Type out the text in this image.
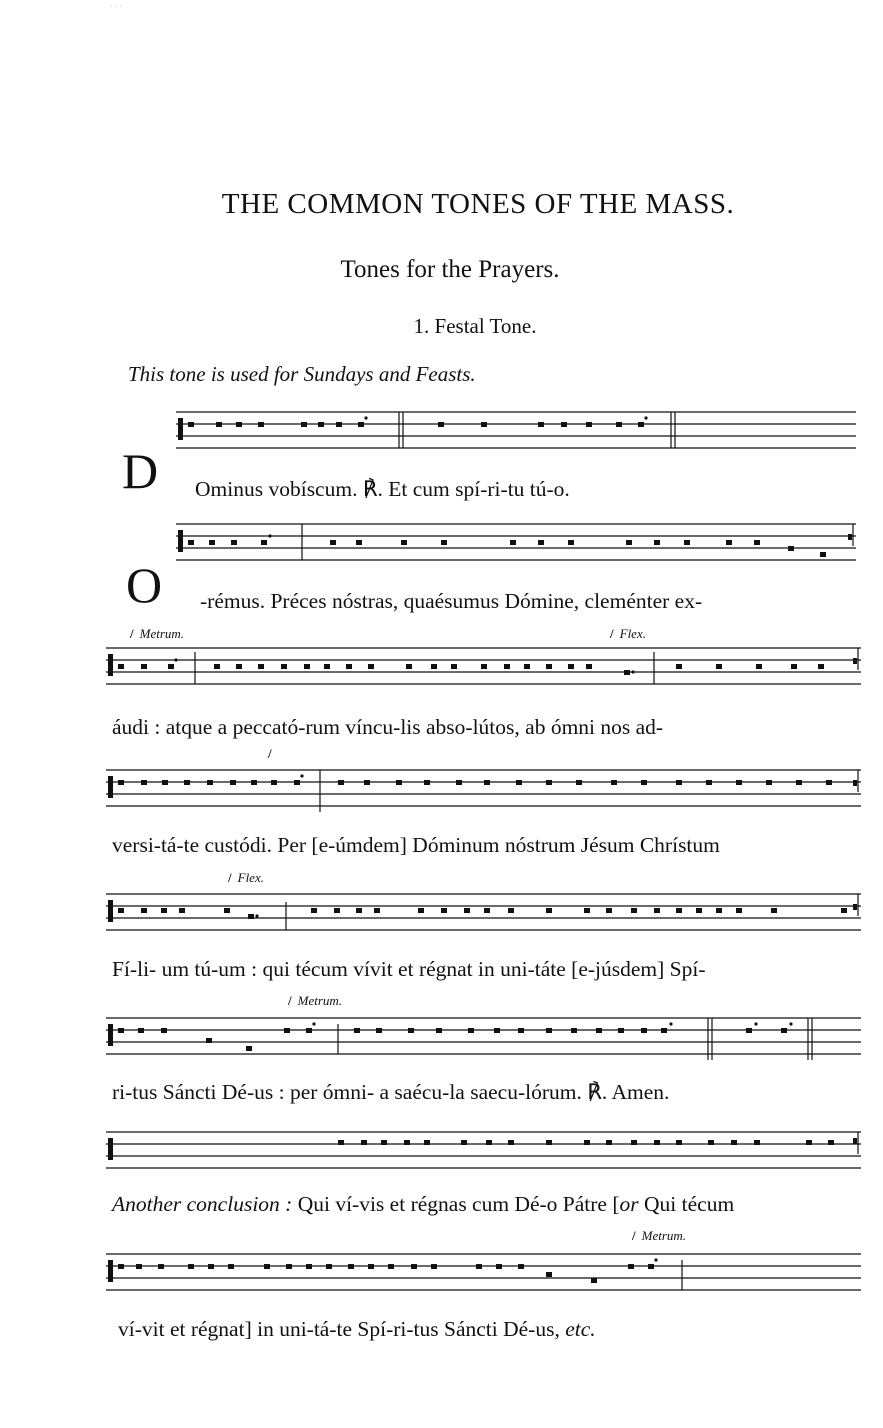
· · ·
THE COMMON TONES OF THE MASS.
Tones for the Prayers.
1. Festal Tone.
This tone is used for Sundays and Feasts.
D Ominus vobíscum. ℟. Et cum spí-ri-tu tú-o.
O -rémus. Préces nóstras, quaésumus Dómine, cleménter ex-
/ Metrum.	/ Flex.
áudi : atque a peccató-rum víncu-lis abso-lútos, ab ómni nos ad-
/
versi-tá-te custódi. Per [e-úmdem] Dóminum nóstrum Jésum Chrístum
/ Flex.
Fí-li- um tú-um : qui técum vívit et régnat in uni-táte [e-júsdem] Spí-
/ Metrum.
ri-tus Sáncti Dé-us : per ómni- a saécu-la saecu-lórum. ℟. Amen.
Another conclusion : Qui ví-vis et régnas cum Dé-o Pátre [or Qui técum
/ Metrum.
ví-vit et régnat] in uni-tá-te Spí-ri-tus Sáncti Dé-us, etc.
